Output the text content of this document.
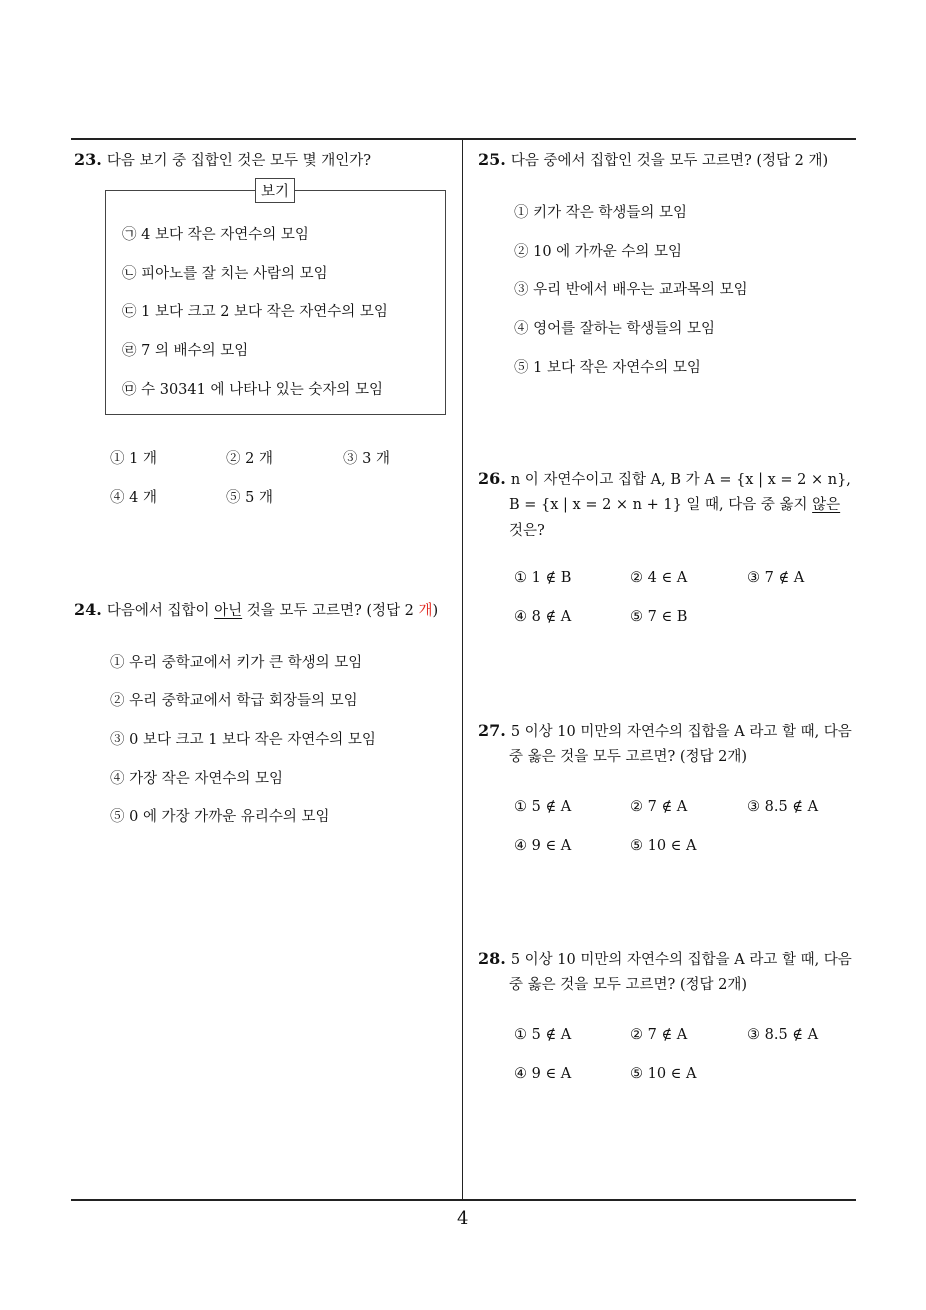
23. 다음 보기 중 집합인 것은 모두 몇 개인가?
보기
㉠ 4 보다 작은 자연수의 모임
㉡ 피아노를 잘 치는 사람의 모임
㉢ 1 보다 크고 2 보다 작은 자연수의 모임
㉣ 7 의 배수의 모임
㉤ 수 30341 에 나타나 있는 숫자의 모임
① 1 개	② 2 개	③ 3 개
④ 4 개	⑤ 5 개
24. 다음에서 집합이 아닌 것을 모두 고르면? (정답 2 개)
① 우리 중학교에서 키가 큰 학생의 모임
② 우리 중학교에서 학급 회장들의 모임
③ 0 보다 크고 1 보다 작은 자연수의 모임
④ 가장 작은 자연수의 모임
⑤ 0 에 가장 가까운 유리수의 모임
25. 다음 중에서 집합인 것을 모두 고르면? (정답 2 개)
① 키가 작은 학생들의 모임
② 10 에 가까운 수의 모임
③ 우리 반에서 배우는 교과목의 모임
④ 영어를 잘하는 학생들의 모임
⑤ 1 보다 작은 자연수의 모임
26. n 이 자연수이고 집합 A, B 가 A = {x | x = 2 × n},
B = {x | x = 2 × n + 1} 일 때, 다음 중 옳지 않은
것은?
① 1 ∉ B	② 4 ∈ A	③ 7 ∉ A
④ 8 ∉ A	⑤ 7 ∈ B
27. 5 이상 10 미만의 자연수의 집합을 A 라고 할 때, 다음
중 옳은 것을 모두 고르면? (정답 2개)
① 5 ∉ A	② 7 ∉ A	③ 8.5 ∉ A
④ 9 ∈ A	⑤ 10 ∈ A
28. 5 이상 10 미만의 자연수의 집합을 A 라고 할 때, 다음
중 옳은 것을 모두 고르면? (정답 2개)
① 5 ∉ A	② 7 ∉ A	③ 8.5 ∉ A
④ 9 ∈ A	⑤ 10 ∈ A
4
